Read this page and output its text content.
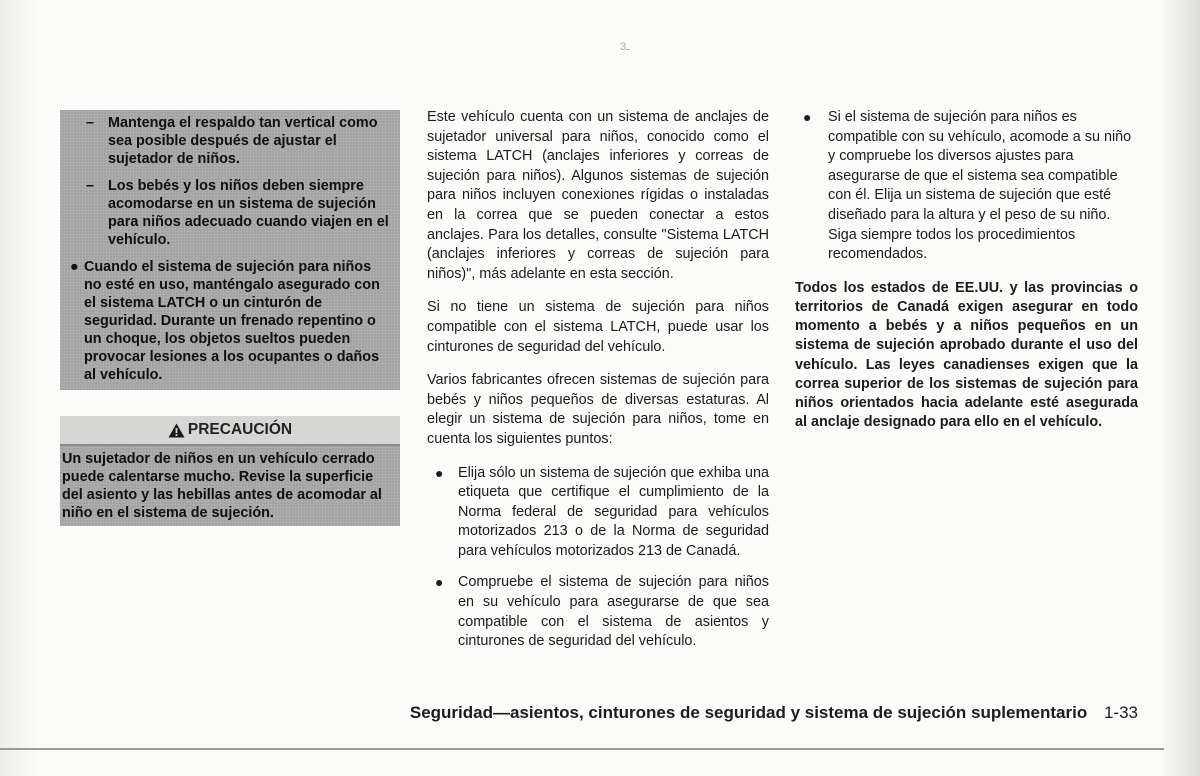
ـ3
– Mantenga el respaldo tan vertical como sea posible después de ajustar el sujetador de niños.
– Los bebés y los niños deben siempre acomodarse en un sistema de sujeción para niños adecuado cuando viajen en el vehículo.
● Cuando el sistema de sujeción para niños no esté en uso, manténgalo asegurado con el sistema LATCH o un cinturón de seguridad. Durante un frenado repentino o un choque, los objetos sueltos pueden provocar lesiones a los ocupantes o daños al vehículo.
PRECAUCIÓN
Un sujetador de niños en un vehículo cerrado puede calentarse mucho. Revise la superficie del asiento y las hebillas antes de acomodar al niño en el sistema de sujeción.

Este vehículo cuenta con un sistema de anclajes de sujetador universal para niños, conocido como el sistema LATCH (anclajes inferiores y correas de sujeción para niños). Algunos sistemas de sujeción para niños incluyen conexiones rígidas o instaladas en la correa que se pueden conectar a estos anclajes. Para los detalles, consulte "Sistema LATCH (anclajes inferiores y correas de sujeción para niños)", más adelante en esta sección.

Si no tiene un sistema de sujeción para niños compatible con el sistema LATCH, puede usar los cinturones de seguridad del vehículo.

Varios fabricantes ofrecen sistemas de sujeción para bebés y niños pequeños de diversas estaturas. Al elegir un sistema de sujeción para niños, tome en cuenta los siguientes puntos:

● Elija sólo un sistema de sujeción que exhiba una etiqueta que certifique el cumplimiento de la Norma federal de seguridad para vehículos motorizados 213 o de la Norma de seguridad para vehículos motorizados 213 de Canadá.
● Compruebe el sistema de sujeción para niños en su vehículo para asegurarse de que sea compatible con el sistema de asientos y cinturones de seguridad del vehículo.
● Si el sistema de sujeción para niños es compatible con su vehículo, acomode a su niño y compruebe los diversos ajustes para asegurarse de que el sistema sea compatible con él. Elija un sistema de sujeción que esté diseñado para la altura y el peso de su niño. Siga siempre todos los procedimientos recomendados.
Todos los estados de EE.UU. y las provincias o territorios de Canadá exigen asegurar en todo momento a bebés y a niños pequeños en un sistema de sujeción aprobado durante el uso del vehículo. Las leyes canadienses exigen que la correa superior de los sistemas de sujeción para niños orientados hacia adelante esté asegurada al anclaje designado para ello en el vehículo.
Seguridad—asientos, cinturones de seguridad y sistema de sujeción suplementario 1-33
